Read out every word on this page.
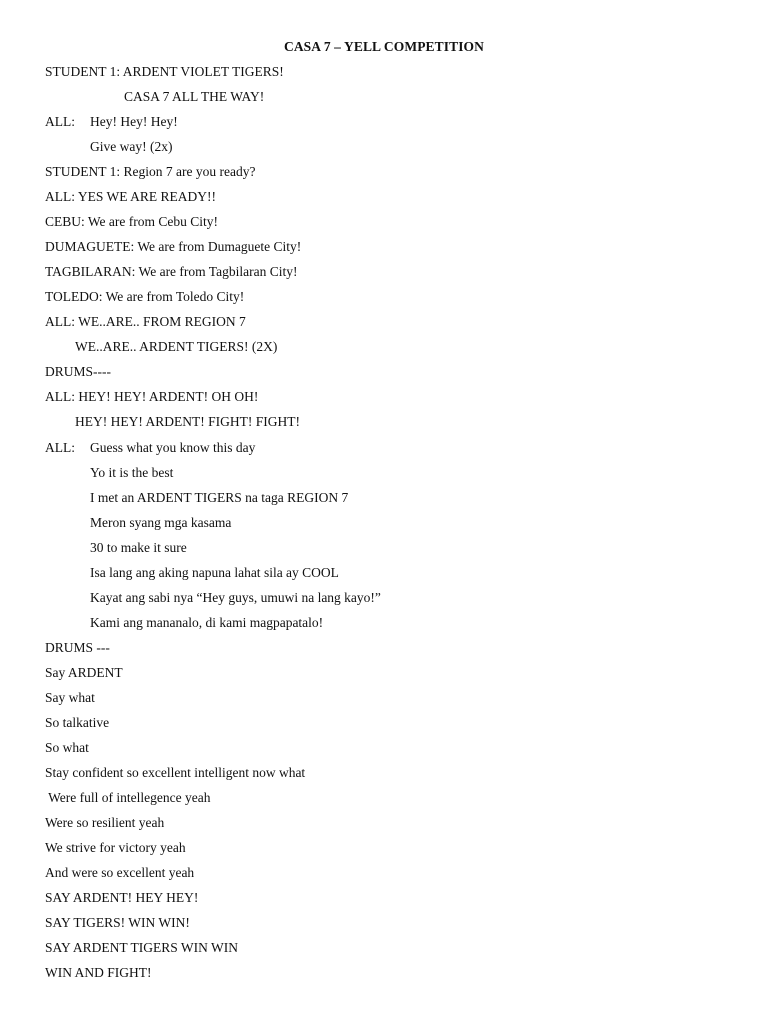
CASA 7 – YELL COMPETITION
STUDENT 1: ARDENT VIOLET TIGERS!
CASA 7 ALL THE WAY!
ALL: Hey! Hey! Hey!
Give way! (2x)
STUDENT 1: Region 7 are you ready?
ALL: YES WE ARE READY!!
CEBU: We are from Cebu City!
DUMAGUETE: We are from Dumaguete City!
TAGBILARAN: We are from Tagbilaran City!
TOLEDO: We are from Toledo City!
ALL: WE..ARE.. FROM REGION 7
WE..ARE.. ARDENT TIGERS! (2X)
DRUMS----
ALL: HEY! HEY! ARDENT! OH OH!
HEY! HEY! ARDENT! FIGHT! FIGHT!
ALL: Guess what you know this day
Yo it is the best
I met an ARDENT TIGERS na taga REGION 7
Meron syang mga kasama
30 to make it sure
Isa lang ang aking napuna lahat sila ay COOL
Kayat ang sabi nya “Hey guys, umuwi na lang kayo!”
Kami ang mananalo, di kami magpapatalo!
DRUMS ---
Say ARDENT
Say what
So talkative
So what
Stay confident so excellent intelligent now what
Were full of intellegence yeah
Were so resilient yeah
We strive for victory yeah
And were so excellent yeah
SAY ARDENT! HEY HEY!
SAY TIGERS! WIN WIN!
SAY ARDENT TIGERS WIN WIN
WIN AND FIGHT!
